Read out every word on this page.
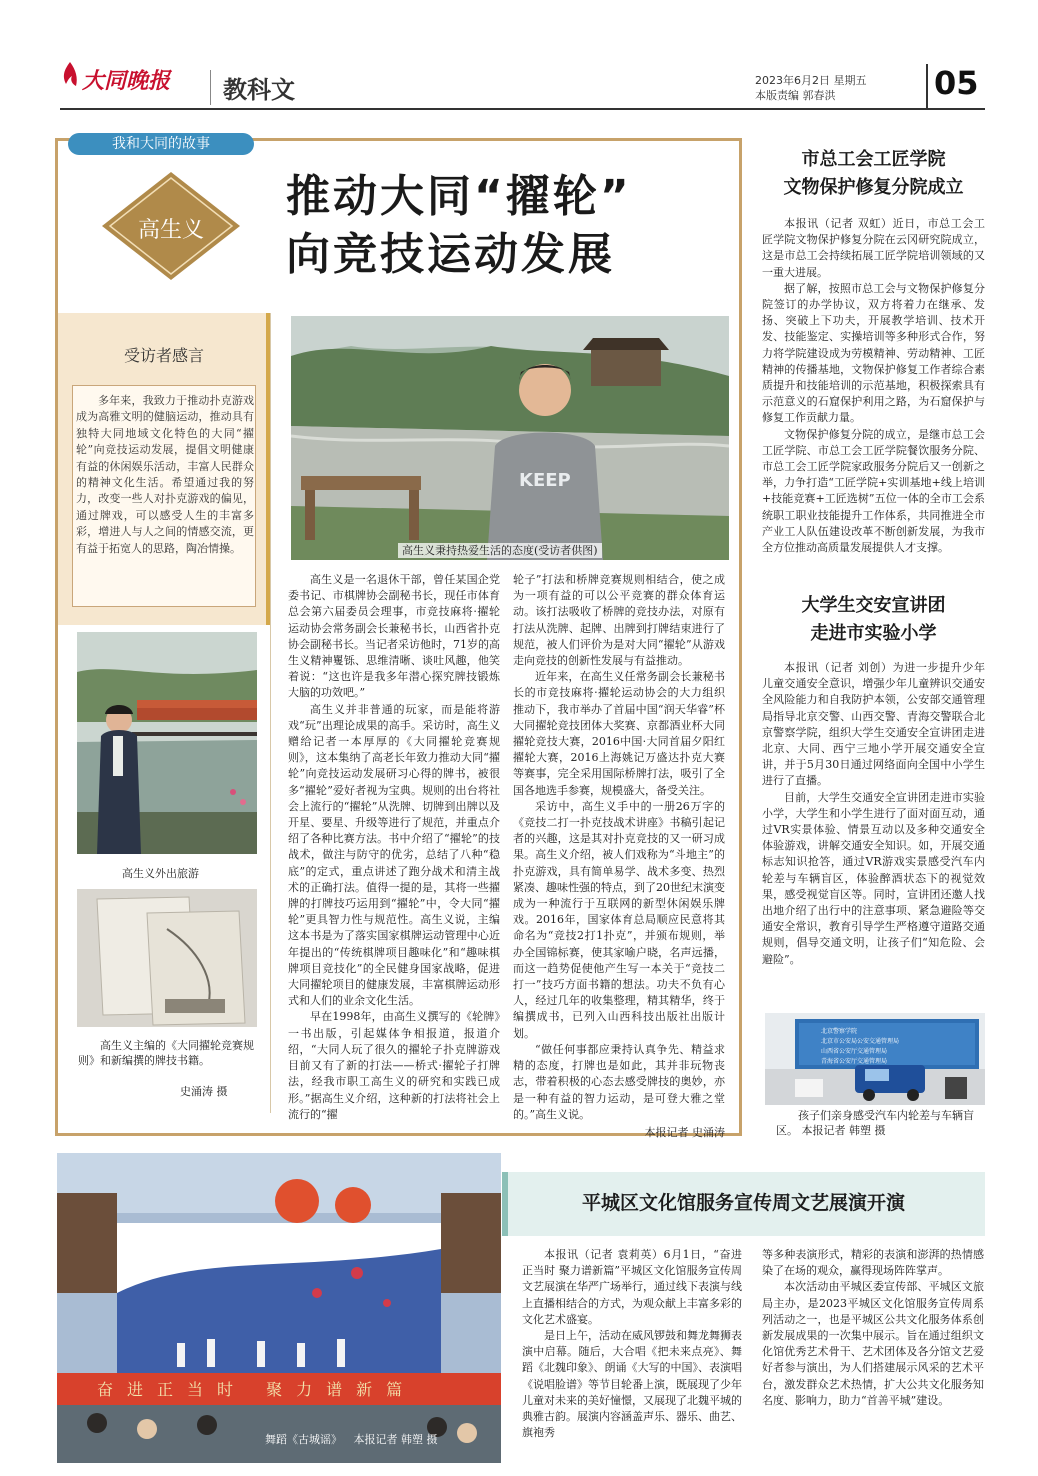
大同晚报	教科文	2023年6月2日 星期五
本版责编 郭春洪	05
我和大同的故事
高生义
推动大同“擢轮”
向竞技运动发展
受访者感言
多年来，我致力于推动扑克游戏成为高雅文明的健脑运动，推动具有独特大同地域文化特色的大同“擢轮”向竞技运动发展，提倡文明健康有益的休闲娱乐活动，丰富人民群众的精神文化生活。希望通过我的努力，改变一些人对扑克游戏的偏见，通过牌戏，可以感受人生的丰富多彩，增进人与人之间的情感交流，更有益于拓宽人的思路，陶冶情操。
KEEP
高生义秉持热爱生活的态度(受访者供图)
高生义外出旅游
高生义主编的《大同擢轮竞赛规则》和新编撰的牌技书籍。
史涌涛 摄

高生义是一名退休干部，曾任某国企党委书记、市棋牌协会副秘书长，现任市体育总会第六届委员会理事，市竞技麻将·擢轮运动协会常务副会长兼秘书长，山西省扑克协会副秘书长。当记者采访他时，71岁的高生义精神矍铄、思维清晰、谈吐风趣，他笑着说：“这也许是我多年潜心探究牌技锻炼大脑的功效吧。”

高生义并非普通的玩家，而是能将游戏“玩”出理论成果的高手。采访时，高生义赠给记者一本厚厚的《大同擢轮竞赛规则》，这本集纳了高老长年致力推动大同“擢轮”向竞技运动发展研习心得的牌书，被很多“擢轮”爱好者视为宝典。规则的出台将社会上流行的“擢轮”从洗牌、切牌到出牌以及开星、要星、升级等进行了规范，并重点介绍了各种比赛方法。书中介绍了“擢轮”的技战术，做注与防守的优劣，总结了八种“稳底”的定式，重点讲述了跑分战术和清主战术的正确打法。值得一提的是，其将一些擢牌的打牌技巧运用到“擢轮”中，令大同“擢轮”更具智力性与规范性。高生义说，主编这本书是为了落实国家棋牌运动管理中心近年提出的“传统棋牌项目趣味化”和“趣味棋牌项目竞技化”的全民健身国家战略，促进大同擢轮项目的健康发展，丰富棋牌运动形式和人们的业余文化生活。

早在1998年，由高生义撰写的《轮牌》一书出版，引起媒体争相报道，报道介绍，“大同人玩了很久的擢轮子扑克牌游戏目前又有了新的打法——桥式·擢轮子打牌法，经我市职工高生义的研究和实践已成形。”据高生义介绍，这种新的打法将社会上流行的“擢

轮子”打法和桥牌竞赛规则相结合，使之成为一项有益的可以公平竞赛的群众体育运动。该打法吸收了桥牌的竞技办法，对原有打法从洗牌、起牌、出牌到打牌结束进行了规范，被人们评价为是对大同“擢轮”从游戏走向竞技的创新性发展与有益推动。

近年来，在高生义任常务副会长兼秘书长的市竞技麻将·擢轮运动协会的大力组织推动下，我市举办了首届中国“润天华睿”杯大同擢轮竞技团体大奖赛、京都酒业杯大同擢轮竞技大赛，2016中国·大同首届夕阳红擢轮大赛，2016上海姚记万盛达扑克大赛等赛事，完全采用国际桥牌打法，吸引了全国各地选手参赛，规模盛大，备受关注。

采访中，高生义手中的一册26万字的《竞技二打一扑克技战术讲座》书稿引起记者的兴趣，这是其对扑克竞技的又一研习成果。高生义介绍，被人们戏称为“斗地主”的扑克游戏，具有简单易学、战术多变、热烈紧凑、趣味性强的特点，到了20世纪末演变成为一种流行于互联网的新型休闲娱乐牌戏。2016年，国家体育总局顺应民意将其命名为“竞技2打1扑克”，并颁布规则，举办全国锦标赛，使其家喻户晓，名声远播，而这一趋势促使他产生写一本关于“竞技二打一”技巧方面书籍的想法。功夫不负有心人，经过几年的收集整理，精其精华，终于编撰成书，已列入山西科技出版社出版计划。

“做任何事都应秉持认真争先、精益求精的态度，打牌也是如此，其并非玩物丧志，带着积极的心态去感受牌技的奥妙，亦是一种有益的智力运动，是可登大雅之堂的。”高生义说。

本报记者 史涌涛
市总工会工匠学院
文物保护修复分院成立

本报讯（记者 双虹）近日，市总工会工匠学院文物保护修复分院在云冈研究院成立，这是市总工会持续拓展工匠学院培训领域的又一重大进展。

据了解，按照市总工会与文物保护修复分院签订的办学协议，双方将着力在继承、发扬、突破上下功夫，开展教学培训、技术开发、技能鉴定、实操培训等多种形式合作，努力将学院建设成为劳模精神、劳动精神、工匠精神的传播基地，文物保护修复工作者综合素质提升和技能培训的示范基地，积极探索具有示范意义的石窟保护利用之路，为石窟保护与修复工作贡献力量。

文物保护修复分院的成立，是继市总工会工匠学院、市总工会工匠学院餐饮服务分院、市总工会工匠学院家政服务分院后又一创新之举，力争打造“工匠学院+实训基地+线上培训+技能竞赛+工匠选树”五位一体的全市工会系统职工职业技能提升工作体系，共同推进全市产业工人队伍建设改革不断创新发展，为我市全方位推动高质量发展提供人才支撑。

大学生交安宣讲团
走进市实验小学

本报讯（记者 刘创）为进一步提升少年儿童交通安全意识，增强少年儿童辨识交通安全风险能力和自我防护本领，公安部交通管理局指导北京交警、山西交警、青海交警联合北京警察学院，组织大学生交通安全宣讲团走进北京、大同、西宁三地小学开展交通安全宣讲，并于5月30日通过网络面向全国中小学生进行了直播。

目前，大学生交通安全宣讲团走进市实验小学，大学生和小学生进行了面对面互动，通过VR实景体验、情景互动以及多种交通安全体验游戏，讲解交通安全知识。如，开展交通标志知识抢答，通过VR游戏实景感受汽车内轮差与车辆盲区，体验醉酒状态下的视觉效果，感受视觉盲区等。同时，宣讲团还邀人找出地介绍了出行中的注意事项、紧急避险等交通安全常识，教育引导学生严格遵守道路交通规则，倡导交通文明，让孩子们“知危险、会避险”。

北京警察学院
北京市公安局公安交通管理局
山西省公安厅交通管理局
青海省公安厅交通管理局
孩子们亲身感受汽车内轮差与车辆盲区。 本报记者 韩塑 摄
奋进正当时 聚力谱新篇
舞蹈《古城谣》 本报记者 韩塑 摄
平城区文化馆服务宣传周文艺展演开演

本报讯（记者 袁莉英）6月1日，“奋进正当时 聚力谱新篇”平城区文化馆服务宣传周文艺展演在华严广场举行，通过线下表演与线上直播相结合的方式，为观众献上丰富多彩的文化艺术盛宴。

是日上午，活动在威风锣鼓和舞龙舞狮表演中启幕。随后，大合唱《把未来点亮》、舞蹈《北魏印象》、朗诵《大写的中国》、表演唱《说唱脸谱》等节目轮番上演，既展现了少年儿童对未来的美好憧憬，又展现了北魏平城的典雅古韵。展演内容涵盖声乐、器乐、曲艺、旗袍秀

等多种表演形式，精彩的表演和澎湃的热情感染了在场的观众，赢得现场阵阵掌声。

本次活动由平城区委宣传部、平城区文旅局主办，是2023平城区文化馆服务宣传周系列活动之一，也是平城区公共文化服务体系创新发展成果的一次集中展示。旨在通过组织文化馆优秀艺术骨干、艺术团体及各分馆文艺爱好者参与演出，为人们搭建展示风采的艺术平台，激发群众艺术热情，扩大公共文化服务知名度、影响力，助力“首善平城”建设。
